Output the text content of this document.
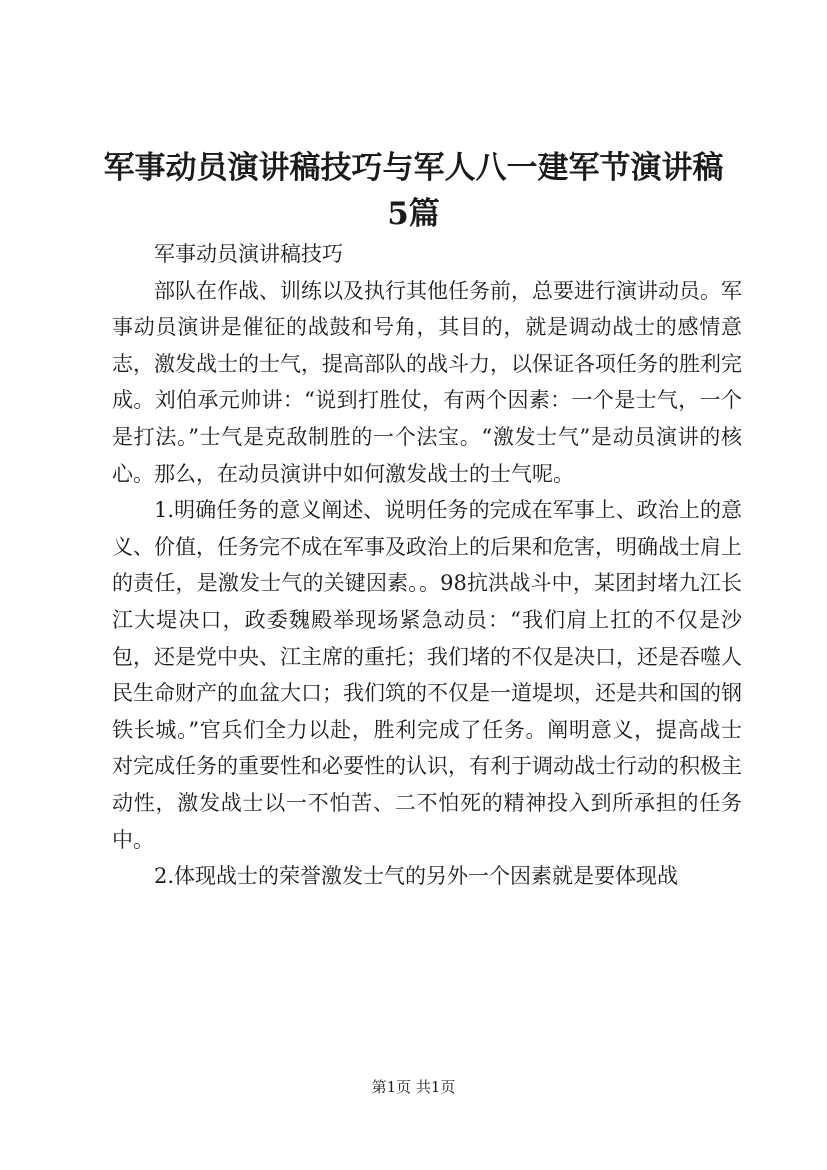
军事动员演讲稿技巧与军人八一建军节演讲稿5篇

军事动员演讲稿技巧

部队在作战、训练以及执行其他任务前，总要进行演讲动员。军事动员演讲是催征的战鼓和号角，其目的，就是调动战士的感情意志，激发战士的士气，提高部队的战斗力，以保证各项任务的胜利完成。刘伯承元帅讲：“说到打胜仗，有两个因素：一个是士气，一个是打法。”士气是克敌制胜的一个法宝。“激发士气”是动员演讲的核心。那么，在动员演讲中如何激发战士的士气呢。

1.明确任务的意义阐述、说明任务的完成在军事上、政治上的意义、价值，任务完不成在军事及政治上的后果和危害，明确战士肩上的责任，是激发士气的关键因素。。98抗洪战斗中，某团封堵九江长江大堤决口，政委魏殿举现场紧急动员：“我们肩上扛的不仅是沙包，还是党中央、江主席的重托；我们堵的不仅是决口，还是吞噬人民生命财产的血盆大口；我们筑的不仅是一道堤坝，还是共和国的钢铁长城。”官兵们全力以赴，胜利完成了任务。阐明意义，提高战士对完成任务的重要性和必要性的认识，有利于调动战士行动的积极主动性，激发战士以一不怕苦、二不怕死的精神投入到所承担的任务中。

2.体现战士的荣誉激发士气的另外一个因素就是要体现战

第1页 共1页
